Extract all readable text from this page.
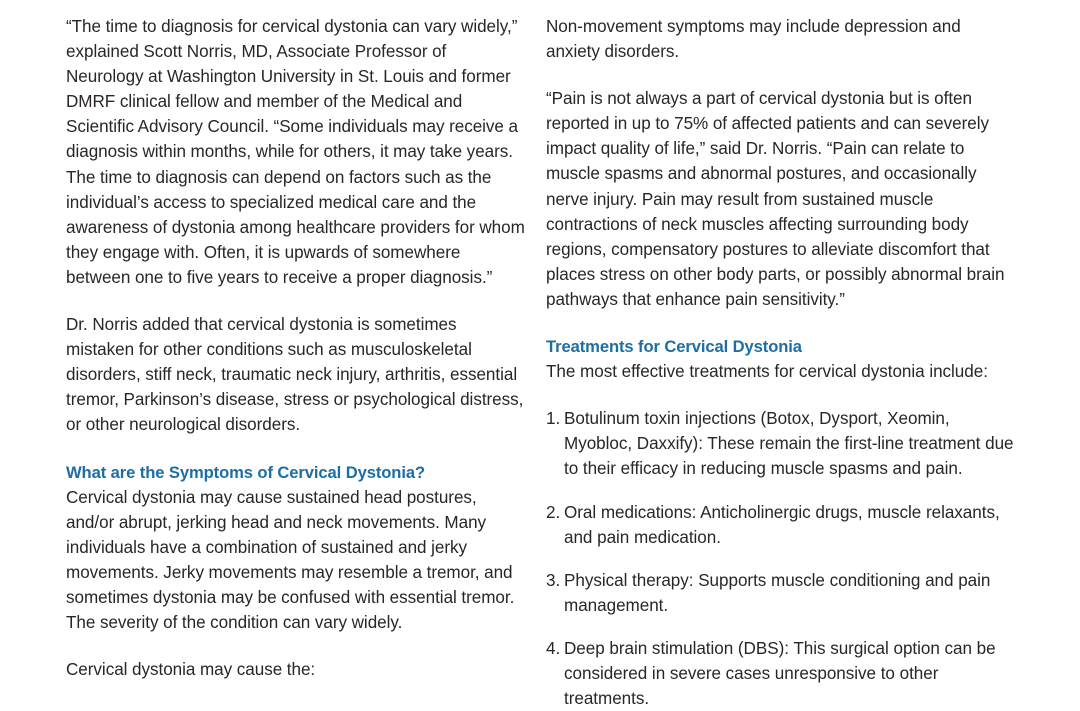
“The time to diagnosis for cervical dystonia can vary widely,” explained Scott Norris, MD, Associate Professor of Neurology at Washington University in St. Louis and former DMRF clinical fellow and member of the Medical and Scientific Advisory Council. “Some individuals may receive a diagnosis within months, while for others, it may take years. The time to diagnosis can depend on factors such as the individual’s access to specialized medical care and the awareness of dystonia among healthcare providers for whom they engage with. Often, it is upwards of somewhere between one to five years to receive a proper diagnosis.”

Dr. Norris added that cervical dystonia is sometimes mistaken for other conditions such as musculoskeletal disorders, stiff neck, traumatic neck injury, arthritis, essential tremor, Parkinson’s disease, stress or psychological distress, or other neurological disorders.

What are the Symptoms of Cervical Dystonia?

Cervical dystonia may cause sustained head postures, and/or abrupt, jerking head and neck movements. Many individuals have a combination of sustained and jerky movements. Jerky movements may resemble a tremor, and sometimes dystonia may be confused with essential tremor. The severity of the condition can vary widely.

Cervical dystonia may cause the:

Non-movement symptoms may include depression and anxiety disorders.

“Pain is not always a part of cervical dystonia but is often reported in up to 75% of affected patients and can severely impact quality of life,” said Dr. Norris. “Pain can relate to muscle spasms and abnormal postures, and occasionally nerve injury. Pain may result from sustained muscle contractions of neck muscles affecting surrounding body regions, compensatory postures to alleviate discomfort that places stress on other body parts, or possibly abnormal brain pathways that enhance pain sensitivity.”

Treatments for Cervical Dystonia

The most effective treatments for cervical dystonia include:

Botulinum toxin injections (Botox, Dysport, Xeomin, Myobloc, Daxxify): These remain the first-line treatment due to their efficacy in reducing muscle spasms and pain.
Oral medications: Anticholinergic drugs, muscle relaxants, and pain medication.
Physical therapy: Supports muscle conditioning and pain management.
Deep brain stimulation (DBS): This surgical option can be considered in severe cases unresponsive to other treatments.
